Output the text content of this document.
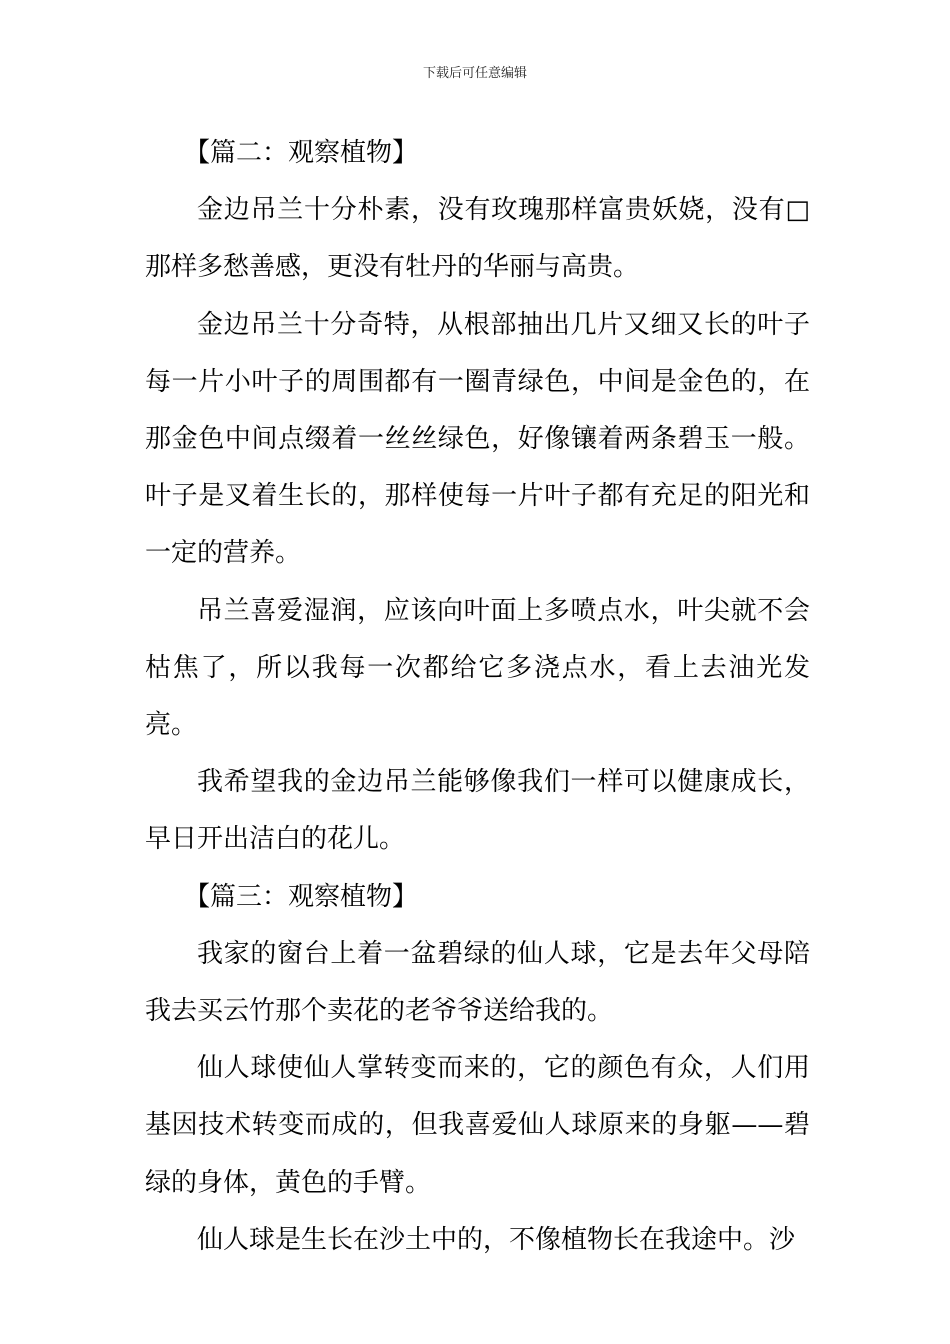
下载后可任意编辑

【篇二：观察植物】

金边吊兰十分朴素，没有玫瑰那样富贵妖娆，没有□那样多愁善感，更没有牡丹的华丽与高贵。

金边吊兰十分奇特，从根部抽出几片又细又长的叶子每一片小叶子的周围都有一圈青绿色，中间是金色的，在那金色中间点缀着一丝丝绿色，好像镶着两条碧玉一般。叶子是叉着生长的，那样使每一片叶子都有充足的阳光和一定的营养。

吊兰喜爱湿润，应该向叶面上多喷点水，叶尖就不会枯焦了，所以我每一次都给它多浇点水，看上去油光发亮。

我希望我的金边吊兰能够像我们一样可以健康成长，早日开出洁白的花儿。

【篇三：观察植物】

我家的窗台上着一盆碧绿的仙人球，它是去年父母陪我去买云竹那个卖花的老爷爷送给我的。

仙人球使仙人掌转变而来的，它的颜色有众，人们用基因技术转变而成的，但我喜爱仙人球原来的身躯——碧绿的身体，黄色的手臂。

仙人球是生长在沙土中的，不像植物长在我途中。沙
